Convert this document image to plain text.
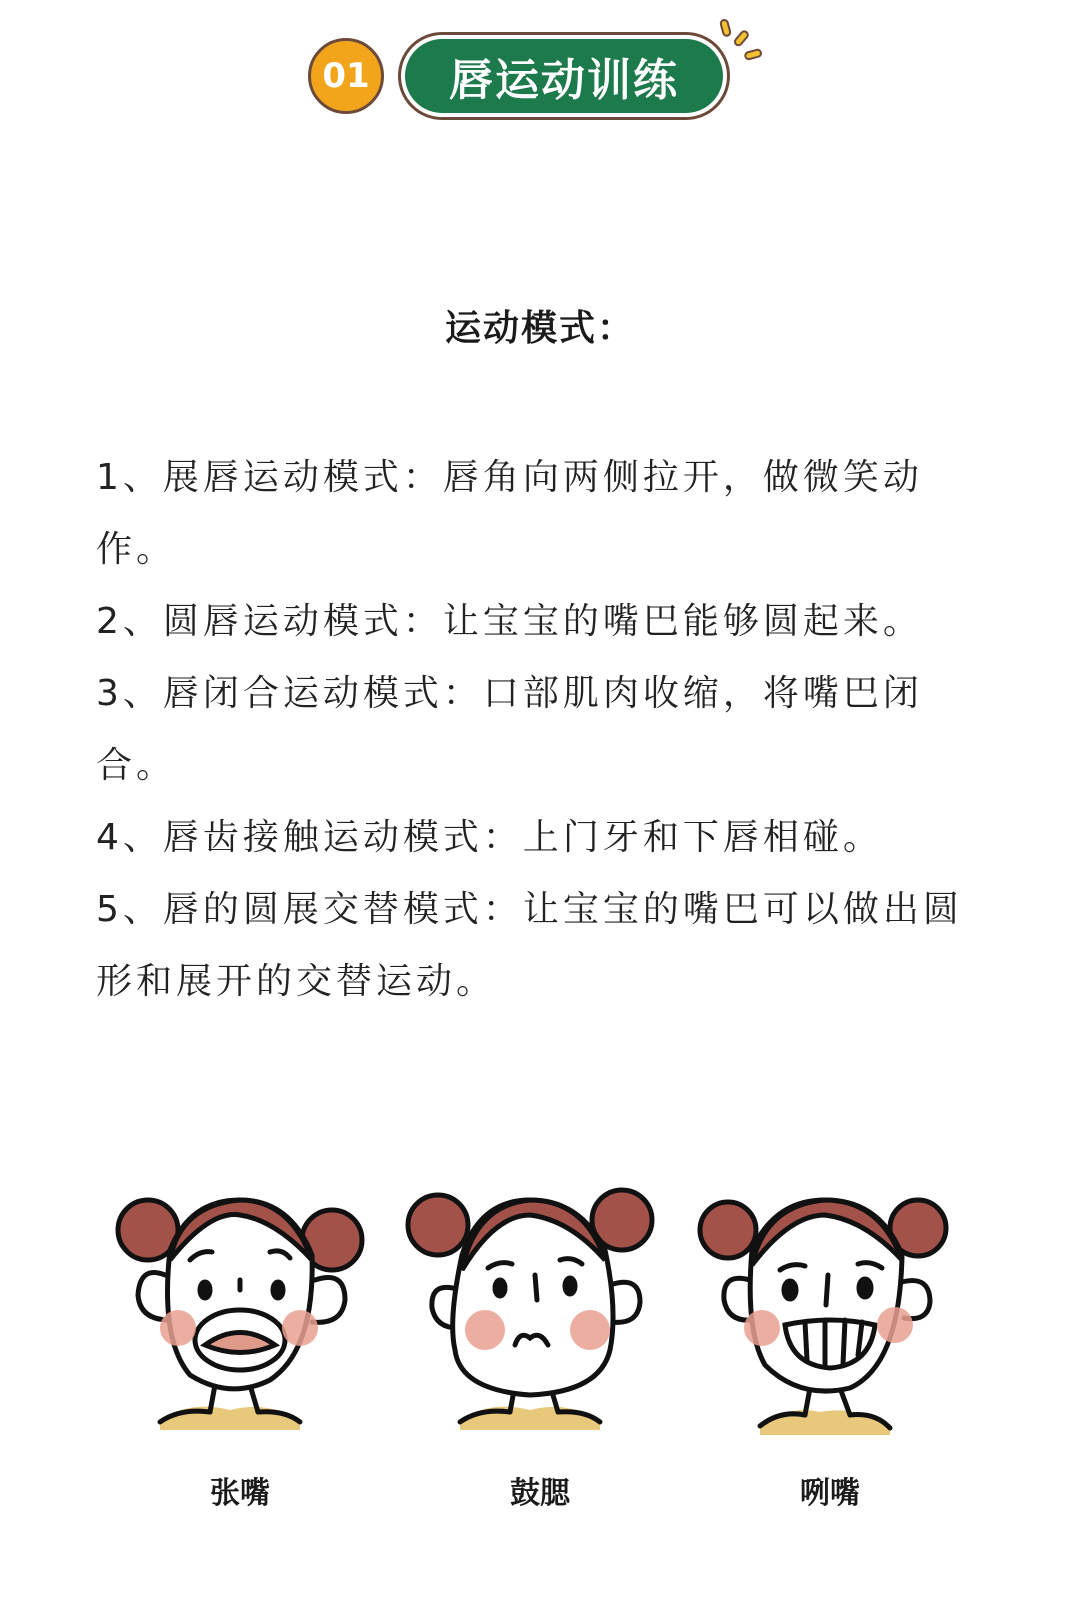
01	唇运动训练
运动模式：

1、展唇运动模式：唇角向两侧拉开，做微笑动作。

2、圆唇运动模式：让宝宝的嘴巴能够圆起来。

3、唇闭合运动模式：口部肌肉收缩，将嘴巴闭合。

4、唇齿接触运动模式：上门牙和下唇相碰。

5、唇的圆展交替模式：让宝宝的嘴巴可以做出圆形和展开的交替运动。

张嘴	鼓腮	咧嘴
